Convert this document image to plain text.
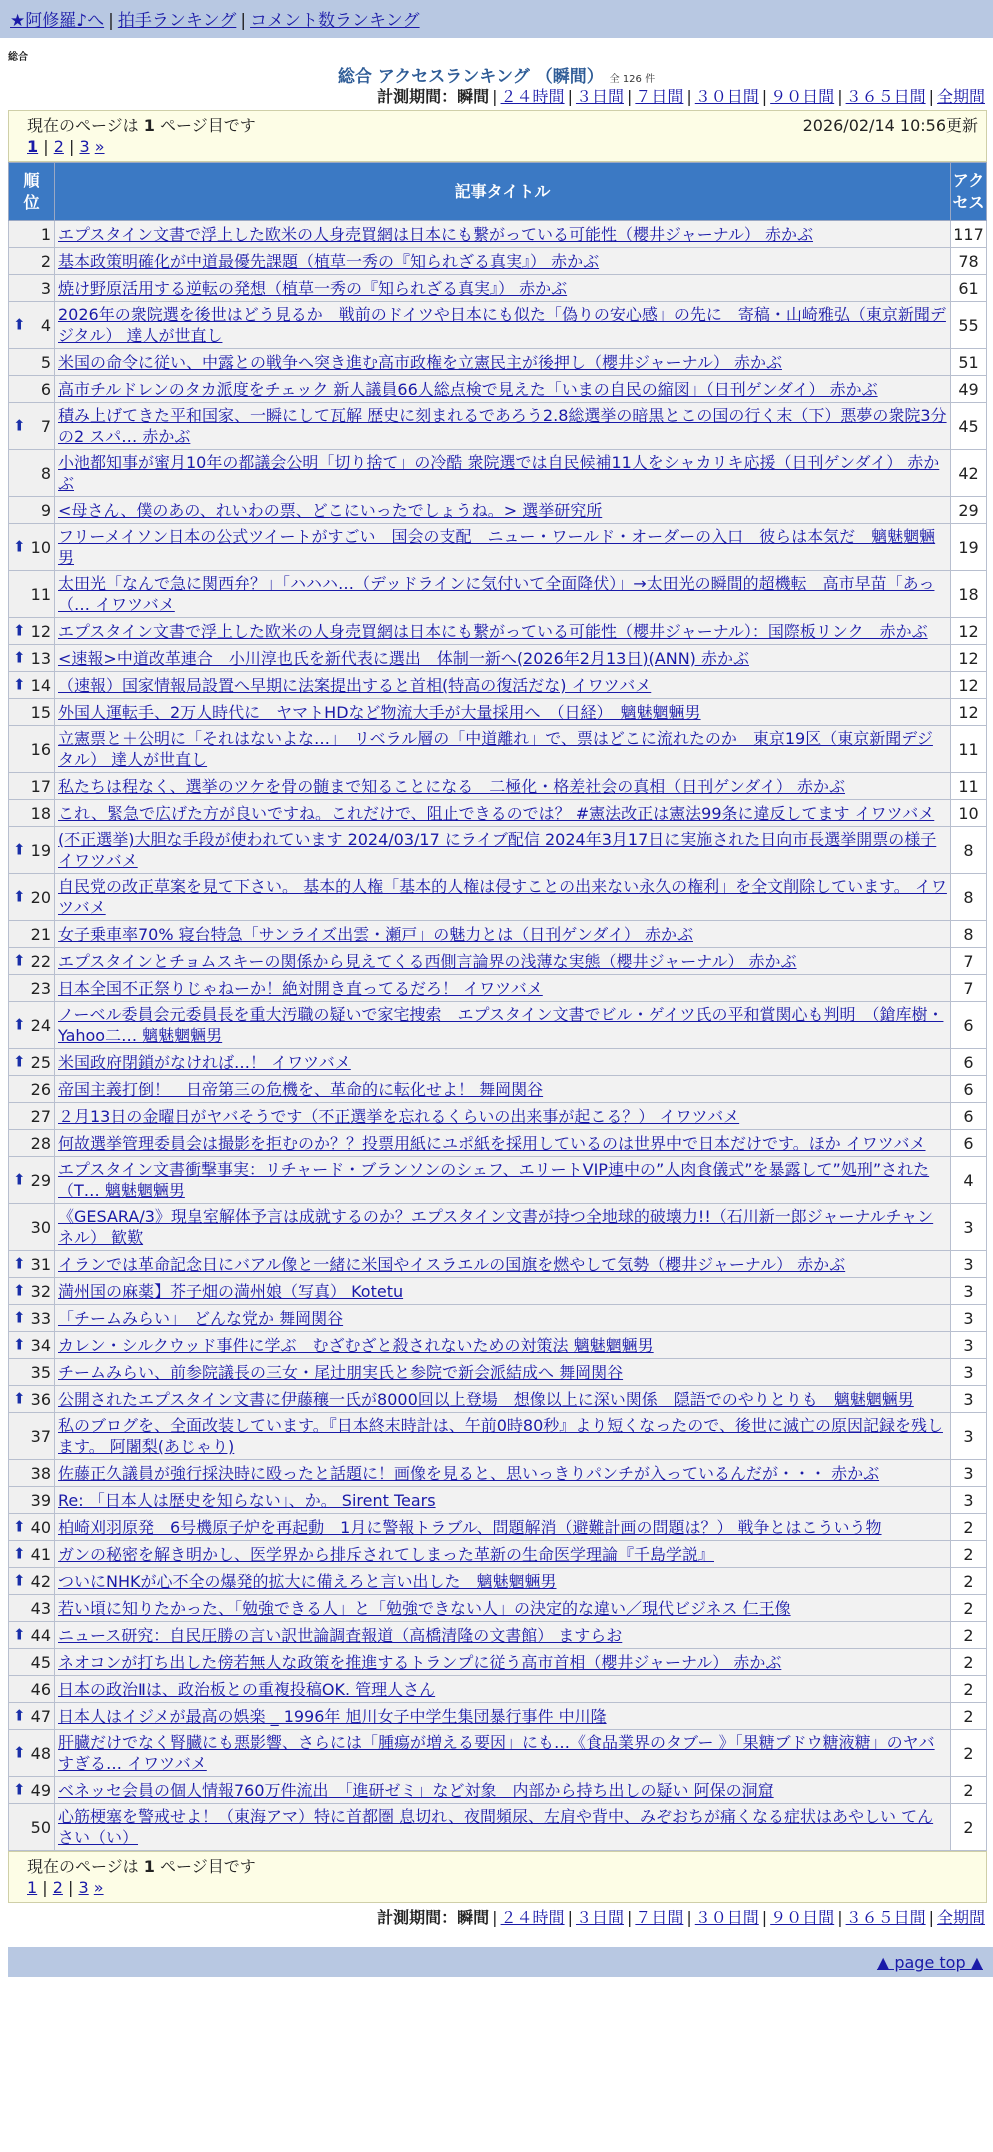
★阿修羅♪へ | 拍手ランキング | コメント数ランキング
総合
総合 アクセスランキング （瞬間） 全 126 件
計測期間：瞬間 | ２４時間 | ３日間 | ７日間 | ３０日間 | ９０日間 | ３６５日間 | 全期間
現在のページは 1 ページ目です	2026/02/14 10:56更新
1 | 2 | 3 »
順位	記事タイトル	アクセス
1	エプスタイン文書で浮上した欧米の人身売買網は日本にも繋がっている可能性（櫻井ジャーナル） 赤かぶ	117
2	基本政策明確化が中道最優先課題（植草一秀の『知られざる真実』） 赤かぶ	78
3	焼け野原活用する逆転の発想（植草一秀の『知られざる真実』） 赤かぶ	61

⬆ 4	2026年の衆院選を後世はどう見るか　戦前のドイツや日本にも似た「偽りの安心感」の先に　寄稿・山崎雅弘（東京新聞デジタル） 達人が世直し	55
5	米国の命令に従い、中露との戦争へ突き進む高市政権を立憲民主が後押し（櫻井ジャーナル） 赤かぶ	51
6	高市チルドレンのタカ派度をチェック 新人議員66人総点検で見えた「いまの自民の縮図」（日刊ゲンダイ） 赤かぶ	49

⬆ 7	積み上げてきた平和国家、一瞬にして瓦解 歴史に刻まれるであろう2.8総選挙の暗黒とこの国の行く末（下）悪夢の衆院3分の2 スパ… 赤かぶ	45
8	小池都知事が蜜月10年の都議会公明「切り捨て」の冷酷 衆院選では自民候補11人をシャカリキ応援（日刊ゲンダイ） 赤かぶ	42
9	<母さん、僕のあの、れいわの票、どこにいったでしょうね。> 選挙研究所	29

⬆ 10	フリーメイソン日本の公式ツイートがすごい　国会の支配　ニュー・ワールド・オーダーの入口　彼らは本気だ　魑魅魍魎男	19
11	太田光「なんで急に関西弁？」「ハハハ…（デッドラインに気付いて全面降伏）」→太田光の瞬間的超機転　高市早苗「あっ（… イワツバメ	18

⬆ 12	エプスタイン文書で浮上した欧米の人身売買網は日本にも繋がっている可能性（櫻井ジャーナル）：国際板リンク　赤かぶ	12

⬆ 13	<速報>中道改革連合　小川淳也氏を新代表に選出　体制一新へ(2026年2月13日)(ANN) 赤かぶ	12

⬆ 14	（速報）国家情報局設置へ早期に法案提出すると首相(特高の復活だな) イワツバメ	12
15	外国人運転手、2万人時代に　ヤマトHDなど物流大手が大量採用へ　（日経）　魑魅魍魎男	12
16	立憲票と＋公明に「それはないよな…」　リベラル層の「中道離れ」で、票はどこに流れたのか　東京19区（東京新聞デジタル） 達人が世直し	11
17	私たちは程なく、選挙のツケを骨の髄まで知ることになる　二極化・格差社会の真相（日刊ゲンダイ） 赤かぶ	11
18	これ、緊急で広げた方が良いですね。これだけで、阻止できるのでは？ #憲法改正は憲法99条に違反してます イワツバメ	10

⬆ 19	(不正選挙)大胆な手段が使われています 2024/03/17 にライブ配信 2024年3月17日に実施された日向市長選挙開票の様子 イワツバメ	8

⬆ 20	自民党の改正草案を見て下さい。 基本的人権「基本的人権は侵すことの出来ない永久の権利」を全文削除しています。 イワツバメ	8
21	女子乗車率70% 寝台特急「サンライズ出雲・瀬戸」の魅力とは（日刊ゲンダイ） 赤かぶ	8

⬆ 22	エプスタインとチョムスキーの関係から見えてくる西側言論界の浅薄な実態（櫻井ジャーナル） 赤かぶ	7
23	日本全国不正祭りじゃねーか！絶対開き直ってるだろ！ イワツバメ	7

⬆ 24	ノーベル委員会元委員長を重大汚職の疑いで家宅捜索　エプスタイン文書でビル・ゲイツ氏の平和賞関心も判明　（鎗库樹・Yahoo二… 魑魅魍魎男	6

⬆ 25	米国政府閉鎖がなければ…！ イワツバメ	6
26	帝国主義打倒！　日帝第三の危機を、革命的に転化せよ！ 舞岡関谷	6
27	２月13日の金曜日がヤバそうです（不正選挙を忘れるくらいの出来事が起こる？） イワツバメ	6
28	何故選挙管理委員会は撮影を拒むのか？？投票用紙にユポ紙を採用しているのは世界中で日本だけです。ほか イワツバメ	6

⬆ 29	エプスタイン文書衝撃事実：リチャード・ブランソンのシェフ、エリートVIP連中の”人肉食儀式”を暴露して”処刑”された（T… 魑魅魍魎男	4
30	《GESARA/3》現皇室解体予言は成就するのか？エプスタイン文書が持つ全地球的破壊力!!（石川新一郎ジャーナルチャンネル） 歓歎	3

⬆ 31	イランでは革命記念日にバアル像と一緒に米国やイスラエルの国旗を燃やして気勢（櫻井ジャーナル） 赤かぶ	3

⬆ 32	満州国の麻薬】芥子畑の満州娘（写真） Kotetu	3

⬆ 33	「チームみらい」　どんな党か 舞岡関谷	3

⬆ 34	カレン・シルクウッド事件に学ぶ　むざむざと殺されないための対策法 魑魅魍魎男	3
35	チームみらい、前参院議長の三女・尾辻朋実氏と参院で新会派結成へ 舞岡関谷	3

⬆ 36	公開されたエプスタイン文書に伊藤穰一氏が8000回以上登場　想像以上に深い関係　隠語でのやりとりも　魑魅魍魎男	3
37	私のブログを、全面改装しています。『日本終末時計は、午前0時80秒』より短くなったので、後世に滅亡の原因記録を残します。 阿闍梨(あじゃり)	3
38	佐藤正久議員が強行採決時に殴ったと話題に！画像を見ると、思いっきりパンチが入っているんだが・・・ 赤かぶ	3
39	Re: 「日本人は歴史を知らない」、か。 Sirent Tears	3

⬆ 40	柏崎刈羽原発　6号機原子炉を再起動　1月に警報トラブル、問題解消（避難計画の問題は？） 戦争とはこういう物	2

⬆ 41	ガンの秘密を解き明かし、医学界から排斥されてしまった革新の生命医学理論『千島学説』	2

⬆ 42	ついにNHKが心不全の爆発的拡大に備えろと言い出した　魑魅魍魎男	2
43	若い頃に知りたかった、「勉強できる人」と「勉強できない人」の決定的な違い／現代ビジネス 仁王像	2

⬆ 44	ニュース研究：自民圧勝の言い訳世論調査報道（高橋清隆の文書館） ますらお	2
45	ネオコンが打ち出した傍若無人な政策を推進するトランプに従う高市首相（櫻井ジャーナル） 赤かぶ	2
46	日本の政治Ⅱは、政治板との重複投稿OK. 管理人さん	2

⬆ 47	日本人はイジメが最高の娯楽 _ 1996年 旭川女子中学生集団暴行事件 中川隆	2

⬆ 48	肝臓だけでなく腎臓にも悪影響、さらには「腫瘍が増える要因」にも…《食品業界のタブー 》「果糖ブドウ糖液糖」のヤバすぎる… イワツバメ	2

⬆ 49	ベネッセ会員の個人情報760万件流出　「進研ゼミ」など対象　内部から持ち出しの疑い 阿保の洞窟	2
50	心筋梗塞を警戒せよ！（東海アマ）特に首都圏 息切れ、夜間頻尿、左肩や背中、みぞおちが痛くなる症状はあやしい てんさい（い）	2
現在のページは 1 ページ目です
1 | 2 | 3 »
計測期間：瞬間 | ２４時間 | ３日間 | ７日間 | ３０日間 | ９０日間 | ３６５日間 | 全期間
▲ page top ▲
